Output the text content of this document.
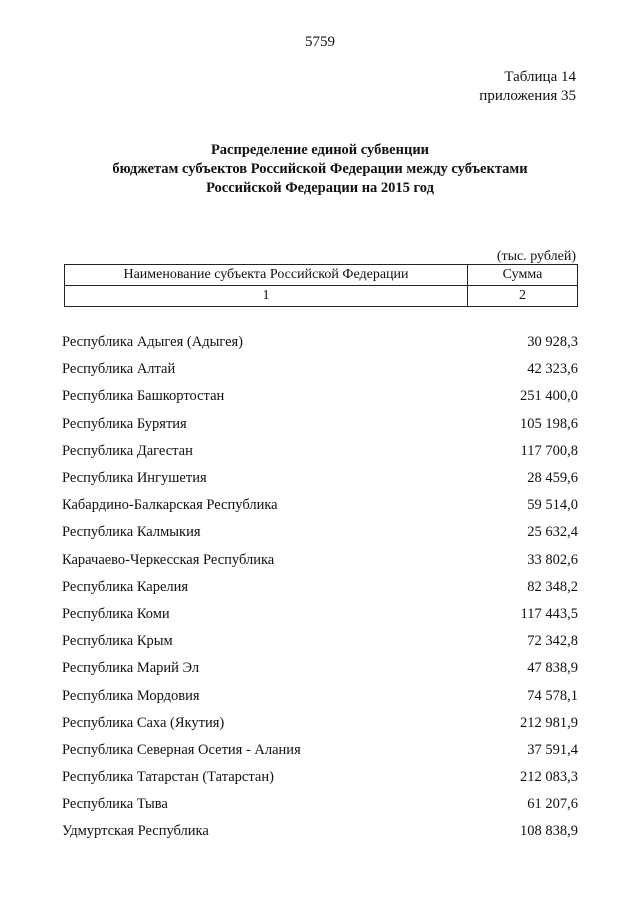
5759
Таблица 14
приложения 35
Распределение единой субвенции
бюджетам субъектов Российской Федерации между субъектами
Российской Федерации на 2015 год
(тыс. рублей)
Наименование субъекта Российской Федерации	Сумма
1	2
Республика Адыгея (Адыгея)	30 928,3
Республика Алтай	42 323,6
Республика Башкортостан	251 400,0
Республика Бурятия	105 198,6
Республика Дагестан	117 700,8
Республика Ингушетия	28 459,6
Кабардино-Балкарская Республика	59 514,0
Республика Калмыкия	25 632,4
Карачаево-Черкесская Республика	33 802,6
Республика Карелия	82 348,2
Республика Коми	117 443,5
Республика Крым	72 342,8
Республика Марий Эл	47 838,9
Республика Мордовия	74 578,1
Республика Саха (Якутия)	212 981,9
Республика Северная Осетия - Алания	37 591,4
Республика Татарстан (Татарстан)	212 083,3
Республика Тыва	61 207,6
Удмуртская Республика	108 838,9
